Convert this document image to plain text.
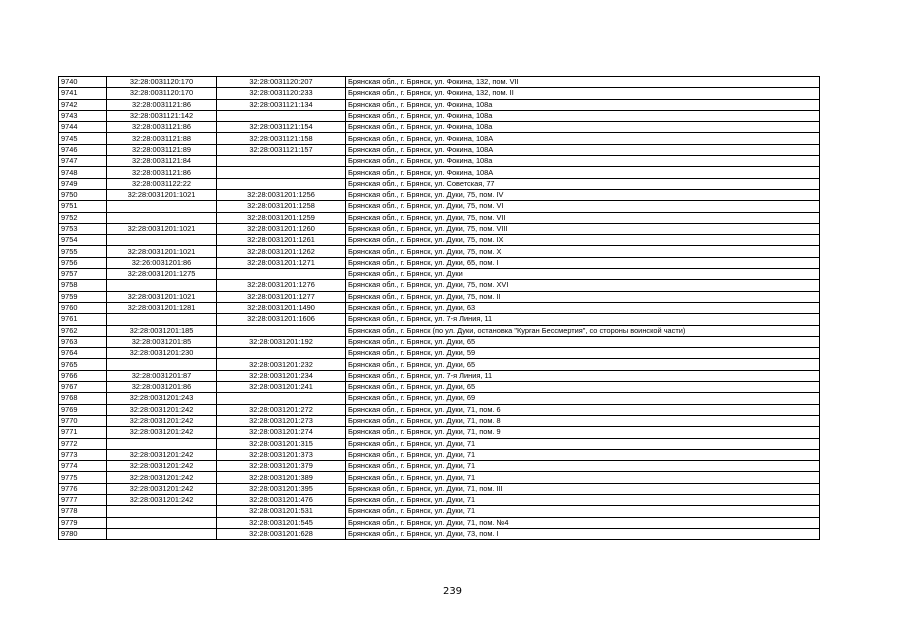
9740	32:28:0031120:170	32:28:0031120:207	Брянская обл., г. Брянск, ул. Фокина, 132, пом. VII
9741	32:28:0031120:170	32:28:0031120:233	Брянская обл., г. Брянск, ул. Фокина, 132, пом. II
9742	32:28:0031121:86	32:28:0031121:134	Брянская обл., г. Брянск, ул. Фокина, 108а
9743	32:28:0031121:142		Брянская обл., г. Брянск, ул. Фокина, 108а
9744	32:28:0031121:86	32:28:0031121:154	Брянская обл., г. Брянск, ул. Фокина, 108а
9745	32:28:0031121:88	32:28:0031121:158	Брянская обл., г. Брянск, ул. Фокина, 108А
9746	32:28:0031121:89	32:28:0031121:157	Брянская обл., г. Брянск, ул. Фокина, 108А
9747	32:28:0031121:84		Брянская обл., г. Брянск, ул. Фокина, 108а
9748	32:28:0031121:86		Брянская обл., г. Брянск, ул. Фокина, 108А
9749	32:28:0031122:22		Брянская обл., г. Брянск, ул. Советская, 77
9750	32:28:0031201:1021	32:28:0031201:1256	Брянская обл., г. Брянск, ул. Дуки, 75, пом. IV
9751		32:28:0031201:1258	Брянская обл., г. Брянск, ул. Дуки, 75, пом. VI
9752		32:28:0031201:1259	Брянская обл., г. Брянск, ул. Дуки, 75, пом. VII
9753	32:28:0031201:1021	32:28:0031201:1260	Брянская обл., г. Брянск, ул. Дуки, 75, пом. VIII
9754		32:28:0031201:1261	Брянская обл., г. Брянск, ул. Дуки, 75, пом. IX
9755	32:28:0031201:1021	32:28:0031201:1262	Брянская обл., г. Брянск, ул. Дуки, 75, пом. X
9756	32:26:0031201:86	32:28:0031201:1271	Брянская обл., г. Брянск, ул. Дуки, 65, пом. I
9757	32:28:0031201:1275		Брянская обл., г. Брянск, ул. Дуки
9758		32:28:0031201:1276	Брянская обл., г. Брянск, ул. Дуки, 75, пом. XVI
9759	32:28:0031201:1021	32:28:0031201:1277	Брянская обл., г. Брянск, ул. Дуки, 75, пом. II
9760	32:28:0031201:1281	32:28:0031201:1490	Брянская обл., г. Брянск, ул. Дуки, 63
9761		32:28:0031201:1606	Брянская обл., г. Брянск, ул. 7-я Линия, 11
9762	32:28:0031201:185		Брянская обл., г. Брянск (по ул. Дуки, остановка "Курган Бессмертия", со стороны воинской части)
9763	32:28:0031201:85	32:28:0031201:192	Брянская обл., г. Брянск, ул. Дуки, 65
9764	32:28:0031201:230		Брянская обл., г. Брянск, ул. Дуки, 59
9765		32:28:0031201:232	Брянская обл., г. Брянск, ул. Дуки, 65
9766	32:28:0031201:87	32:28:0031201:234	Брянская обл., г. Брянск, ул. 7-я Линия, 11
9767	32:28:0031201:86	32:28:0031201:241	Брянская обл., г. Брянск, ул. Дуки, 65
9768	32:28:0031201:243		Брянская обл., г. Брянск, ул. Дуки, 69
9769	32:28:0031201:242	32:28:0031201:272	Брянская обл., г. Брянск, ул. Дуки, 71, пом. 6
9770	32:28:0031201:242	32:28:0031201:273	Брянская обл., г. Брянск, ул. Дуки, 71, пом. 8
9771	32:28:0031201:242	32:28:0031201:274	Брянская обл., г. Брянск, ул. Дуки, 71, пом. 9
9772		32:28:0031201:315	Брянская обл., г. Брянск, ул. Дуки, 71
9773	32:28:0031201:242	32:28:0031201:373	Брянская обл., г. Брянск, ул. Дуки, 71
9774	32:28:0031201:242	32:28:0031201:379	Брянская обл., г. Брянск, ул. Дуки, 71
9775	32:28:0031201:242	32:28:0031201:389	Брянская обл., г. Брянск, ул. Дуки, 71
9776	32:28:0031201:242	32:28:0031201:395	Брянская обл., г. Брянск, ул. Дуки, 71, пом. III
9777	32:28:0031201:242	32:28:0031201:476	Брянская обл., г. Брянск, ул. Дуки, 71
9778		32:28:0031201:531	Брянская обл., г. Брянск, ул. Дуки, 71
9779		32:28:0031201:545	Брянская обл., г. Брянск, ул. Дуки, 71, пом. №4
9780		32:28:0031201:628	Брянская обл., г. Брянск, ул. Дуки, 73, пом. I
239
